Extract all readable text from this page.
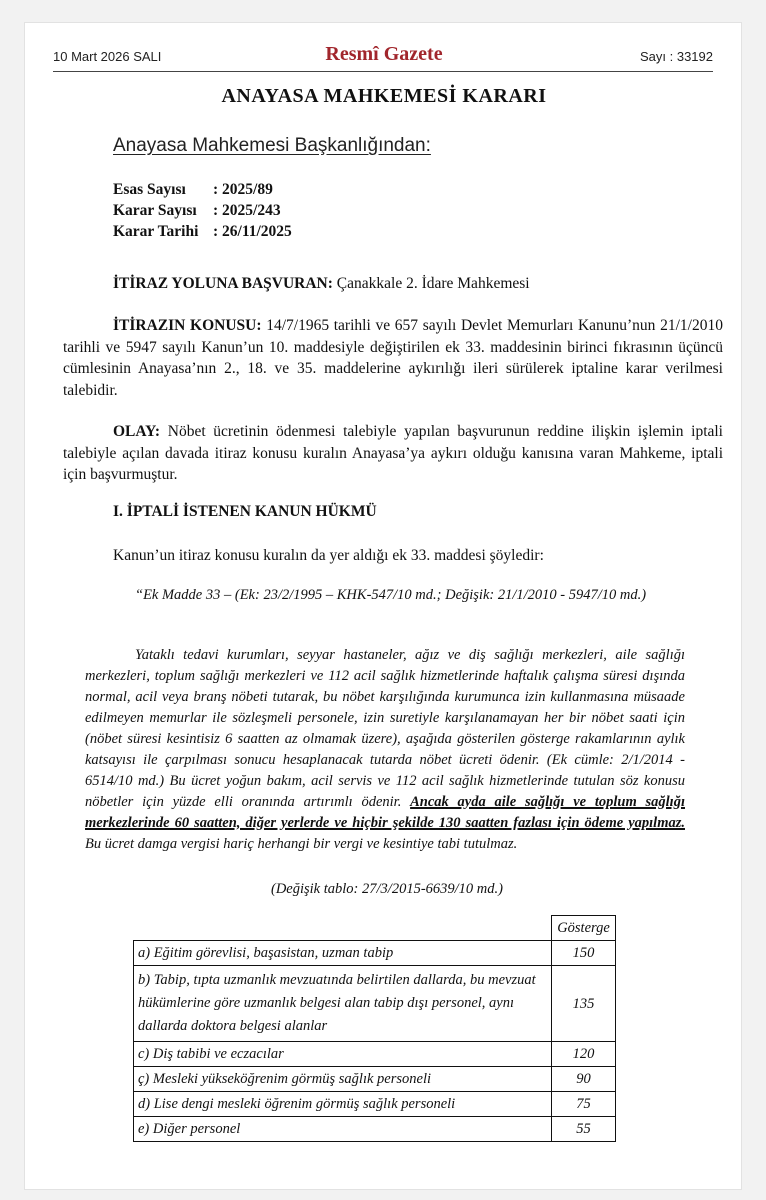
10 Mart 2026 SALI	Resmî Gazete	Sayı : 33192
ANAYASA MAHKEMESİ KARARI
Anayasa Mahkemesi Başkanlığından:
Esas Sayısı	: 2025/89
Karar Sayısı	: 2025/243
Karar Tarihi : 26/11/2025
İTİRAZ YOLUNA BAŞVURAN: Çanakkale 2. İdare Mahkemesi
İTİRAZIN KONUSU: 14/7/1965 tarihli ve 657 sayılı Devlet Memurları Kanunu’nun 21/1/2010 tarihli ve 5947 sayılı Kanun’un 10. maddesiyle değiştirilen ek 33. maddesinin birinci fıkrasının üçüncü cümlesinin Anayasa’nın 2., 18. ve 35. maddelerine aykırılığı ileri sürülerek iptaline karar verilmesi talebidir.
OLAY: Nöbet ücretinin ödenmesi talebiyle yapılan başvurunun reddine ilişkin işlemin iptali talebiyle açılan davada itiraz konusu kuralın Anayasa’ya aykırı olduğu kanısına varan Mahkeme, iptali için başvurmuştur.
I. İPTALİ İSTENEN KANUN HÜKMÜ
Kanun’un itiraz konusu kuralın da yer aldığı ek 33. maddesi şöyledir:
“Ek Madde 33 – (Ek: 23/2/1995 – KHK-547/10 md.; Değişik: 21/1/2010 - 5947/10 md.)
Yataklı tedavi kurumları, seyyar hastaneler, ağız ve diş sağlığı merkezleri, aile sağlığı merkezleri, toplum sağlığı merkezleri ve 112 acil sağlık hizmetlerinde haftalık çalışma süresi dışında normal, acil veya branş nöbeti tutarak, bu nöbet karşılığında kurumunca izin kullanmasına müsaade edilmeyen memurlar ile sözleşmeli personele, izin suretiyle karşılanamayan her bir nöbet saati için (nöbet süresi kesintisiz 6 saatten az olmamak üzere), aşağıda gösterilen gösterge rakamlarının aylık katsayısı ile çarpılması sonucu hesaplanacak tutarda nöbet ücreti ödenir. (Ek cümle: 2/1/2014 - 6514/10 md.) Bu ücret yoğun bakım, acil servis ve 112 acil sağlık hizmetlerinde tutulan söz konusu nöbetler için yüzde elli oranında artırımlı ödenir. Ancak ayda aile sağlığı ve toplum sağlığı merkezlerinde 60 saatten, diğer yerlerde ve hiçbir şekilde 130 saatten fazlası için ödeme yapılmaz. Bu ücret damga vergisi hariç herhangi bir vergi ve kesintiye tabi tutulmaz.
(Değişik tablo: 27/3/2015-6639/10 md.)
	Gösterge
a) Eğitim görevlisi, başasistan, uzman tabip	150
b) Tabip, tıpta uzmanlık mevzuatında belirtilen dallarda, bu mevzuat hükümlerine göre uzmanlık belgesi alan tabip dışı personel, aynı dallarda doktora belgesi alanlar	135
c) Diş tabibi ve eczacılar	120
ç) Mesleki yükseköğrenim görmüş sağlık personeli	90
d) Lise dengi mesleki öğrenim görmüş sağlık personeli	75
e) Diğer personel	55
